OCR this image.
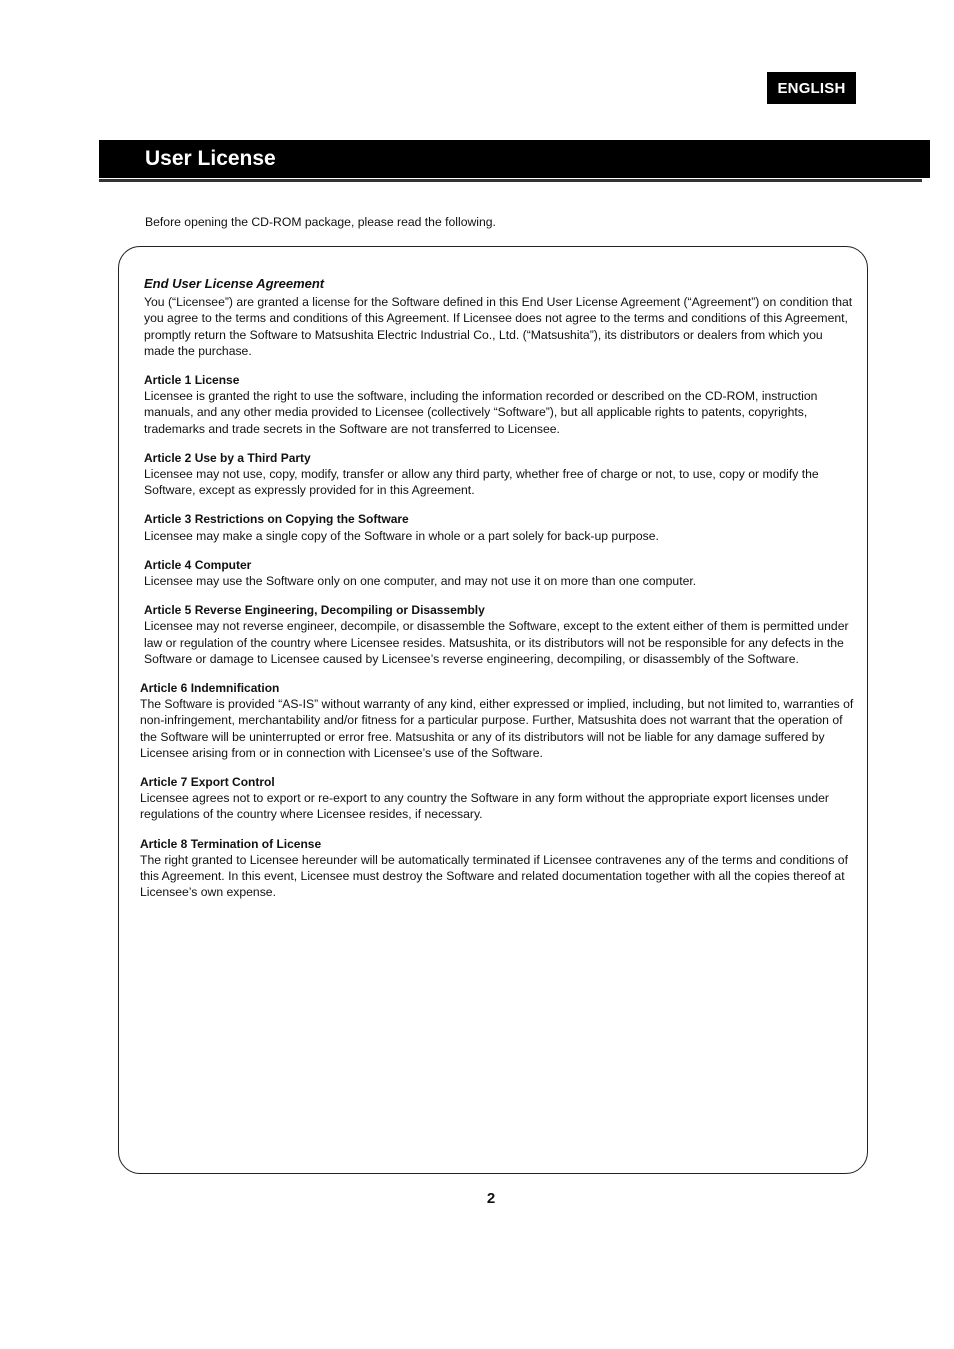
ENGLISH
User License
Before opening the CD-ROM package, please read the following.

End User License Agreement

You (“Licensee”) are granted a license for the Software defined in this End User License Agreement (“Agreement”) on condition that you agree to the terms and conditions of this Agreement. If Licensee does not agree to the terms and conditions of this Agreement, promptly return the Software to Matsushita Electric Industrial Co., Ltd. (“Matsushita”), its distributors or dealers from which you made the purchase.

Article 1 License

Licensee is granted the right to use the software, including the information recorded or described on the CD-ROM, instruction manuals, and any other media provided to Licensee (collectively “Software”), but all applicable rights to patents, copyrights, trademarks and trade secrets in the Software are not transferred to Licensee.

Article 2 Use by a Third Party

Licensee may not use, copy, modify, transfer or allow any third party, whether free of charge or not, to use, copy or modify the Software, except as expressly provided for in this Agreement.

Article 3 Restrictions on Copying the Software

Licensee may make a single copy of the Software in whole or a part solely for back-up purpose.

Article 4 Computer

Licensee may use the Software only on one computer, and may not use it on more than one computer.

Article 5 Reverse Engineering, Decompiling or Disassembly

Licensee may not reverse engineer, decompile, or disassemble the Software, except to the extent either of them is permitted under law or regulation of the country where Licensee resides. Matsushita, or its distributors will not be responsible for any defects in the Software or damage to Licensee caused by Licensee’s reverse engineering, decompiling, or disassembly of the Software.

Article 6 Indemnification

The Software is provided “AS-IS” without warranty of any kind, either expressed or implied, including, but not limited to, warranties of non-infringement, merchantability and/or fitness for a particular purpose. Further, Matsushita does not warrant that the operation of the Software will be uninterrupted or error free. Matsushita or any of its distributors will not be liable for any damage suffered by Licensee arising from or in connection with Licensee’s use of the Software.

Article 7 Export Control

Licensee agrees not to export or re-export to any country the Software in any form without the appropriate export licenses under regulations of the country where Licensee resides, if necessary.

Article 8 Termination of License

The right granted to Licensee hereunder will be automatically terminated if Licensee contravenes any of the terms and conditions of this Agreement. In this event, Licensee must destroy the Software and related documentation together with all the copies thereof at Licensee’s own expense.

2
